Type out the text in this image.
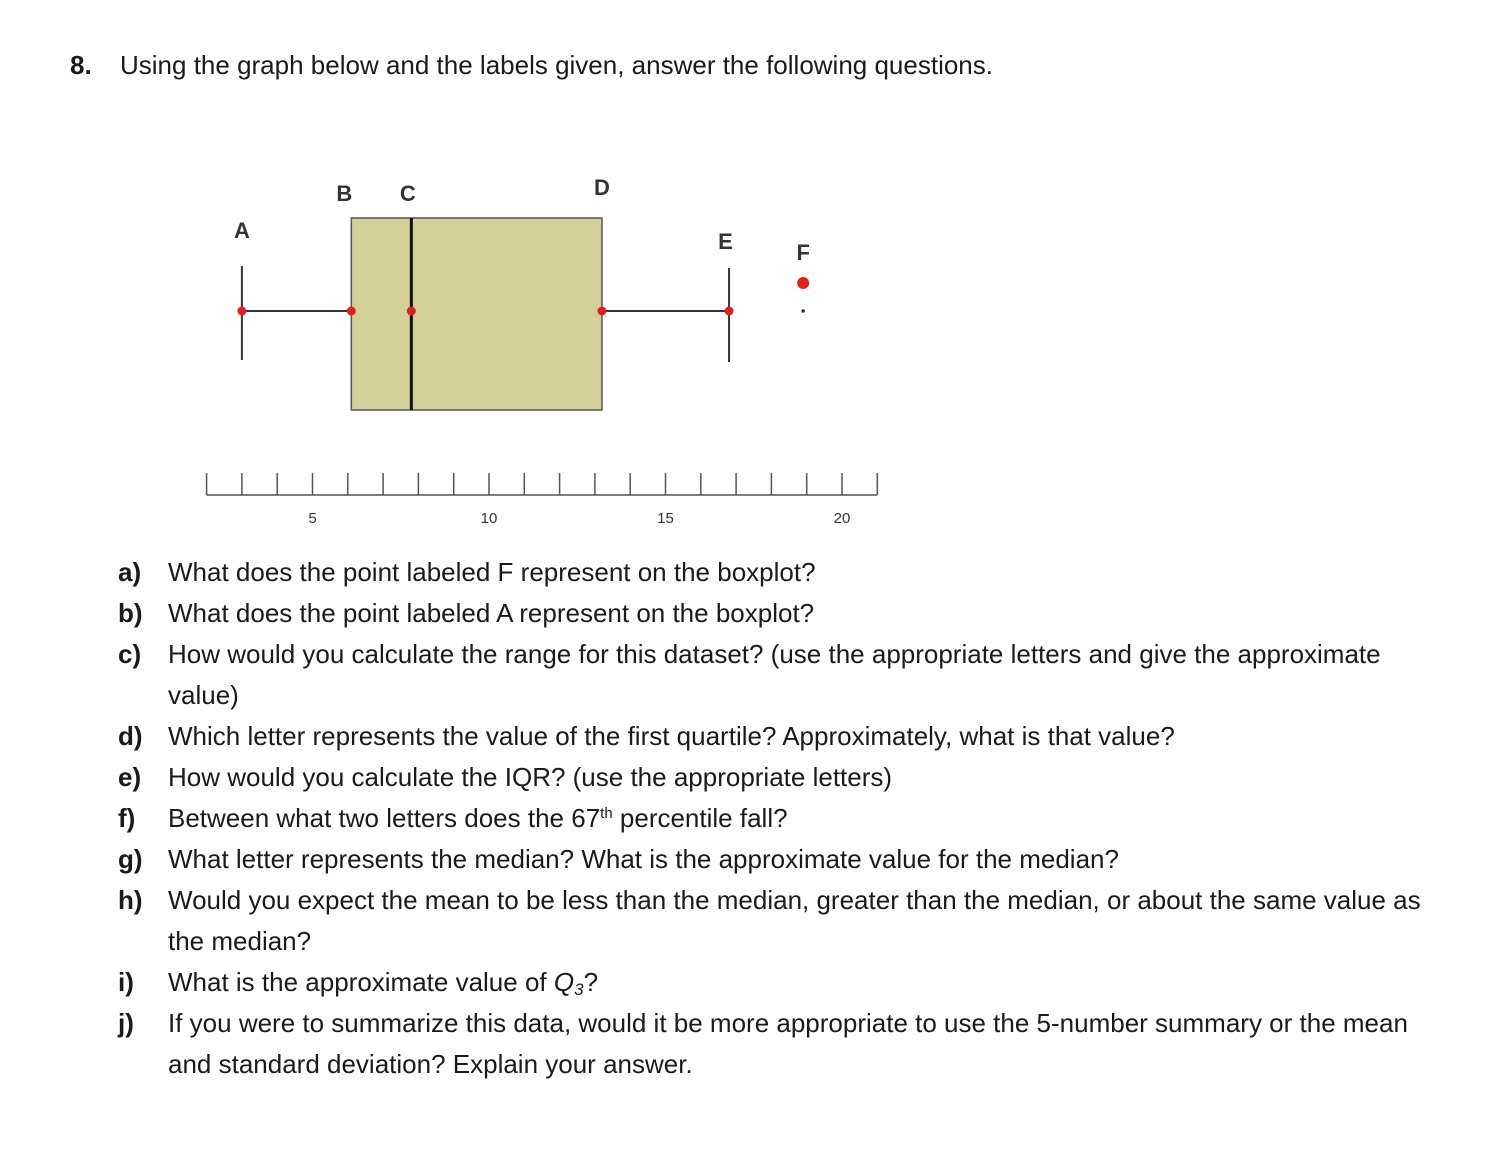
8. Using the graph below and the labels given, answer the following questions.
5	10	15	20
A
B C	D
E	F
a)	What does the point labeled F represent on the boxplot?
b) What does the point labeled A represent on the boxplot?
c)	How would you calculate the range for this dataset? (use the appropriate letters and give the approximate value)
d) Which letter represents the value of the first quartile? Approximately, what is that value?
e)	How would you calculate the IQR? (use the appropriate letters)
f)	Between what two letters does the 67th percentile fall?
g) What letter represents the median? What is the approximate value for the median?
h) Would you expect the mean to be less than the median, greater than the median, or about the same value as the median?
i)	What is the approximate value of $Q_3$?
j)	If you were to summarize this data, would it be more appropriate to use the 5-number summary or the mean and standard deviation? Explain your answer.
